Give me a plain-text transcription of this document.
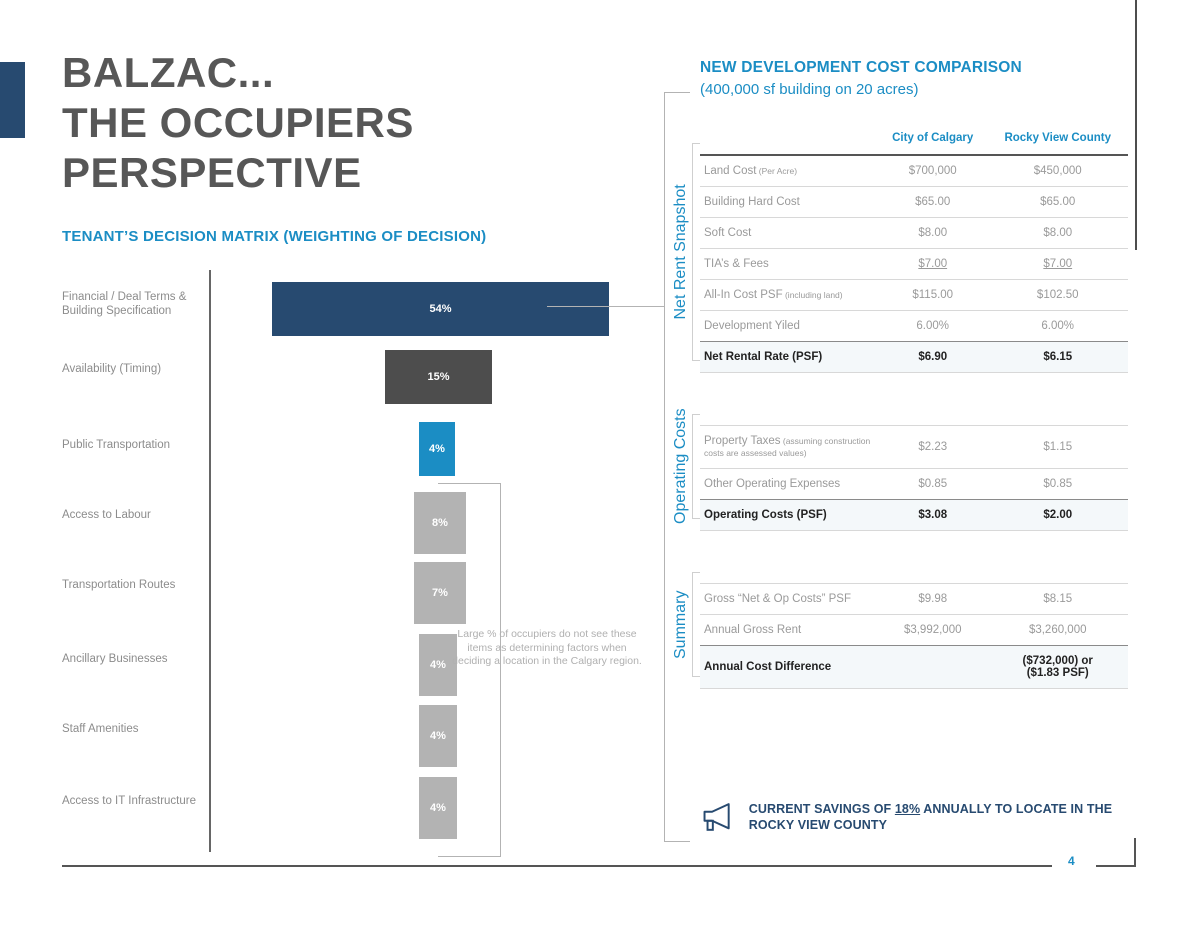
4
BALZAC...
THE OCCUPIERS
PERSPECTIVE
TENANT’S DECISION MATRIX (WEIGHTING OF DECISION)
Financial / Deal Terms & Building Specification	54%
Availability (Timing)
15%
Public Transportation	4%
Access to Labour
8%
Transportation Routes
7%
Ancillary Businesses	4%
Staff Amenities
4%
Access to IT Infrastructure
4%
Large % of occupiers do not see these items as determining factors when deciding a location in the Calgary region.
NEW DEVELOPMENT COST COMPARISON
(400,000 sf building on 20 acres)
	City of Calgary	Rocky View County
Land Cost (Per Acre)	$700,000	$450,000
Building Hard Cost	$65.00	$65.00
Soft Cost	$8.00	$8.00
TIA’s & Fees	$7.00	$7.00
All-In Cost PSF (including land)	$115.00	$102.50
Development Yiled	6.00%	6.00%
Net Rental Rate (PSF)	$6.90	$6.15

Property Taxes (assuming construction costs are assessed values)	$2.23	$1.15
Other Operating Expenses	$0.85	$0.85
Operating Costs (PSF)	$3.08	$2.00

Gross “Net & Op Costs” PSF	$9.98	$8.15
Annual Gross Rent	$3,992,000	$3,260,000
Annual Cost Difference		($732,000) or
($1.83 PSF)
Net Rent Snapshot
Operating Costs
Summary
CURRENT SAVINGS OF 18% ANNUALLY TO LOCATE IN THE ROCKY VIEW COUNTY
